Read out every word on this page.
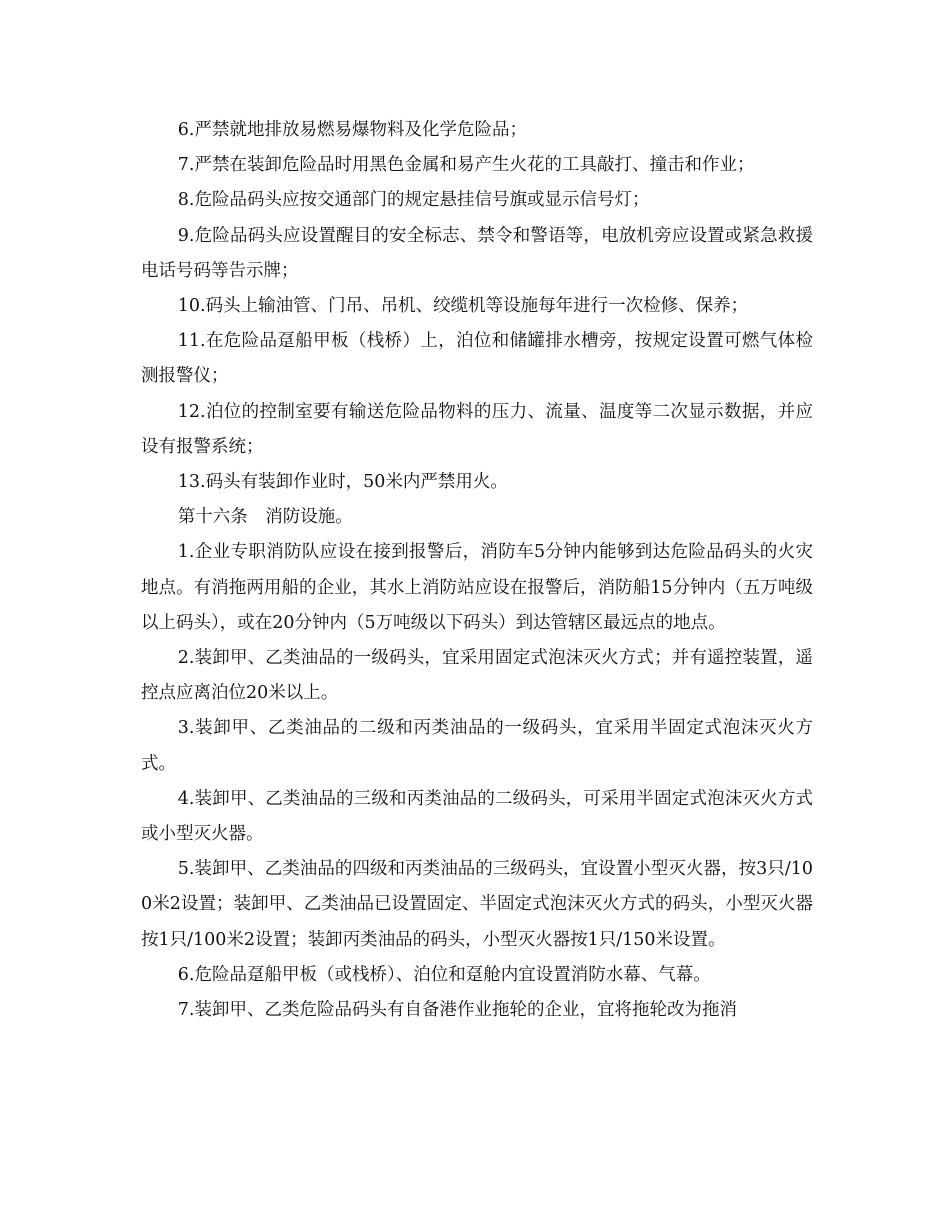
6.严禁就地排放易燃易爆物料及化学危险品；

7.严禁在装卸危险品时用黑色金属和易产生火花的工具敲打、撞击和作业；

8.危险品码头应按交通部门的规定悬挂信号旗或显示信号灯；

9.危险品码头应设置醒目的安全标志、禁令和警语等，电放机旁应设置或紧急救援电话号码等告示牌；

10.码头上输油管、门吊、吊机、绞缆机等设施每年进行一次检修、保养；

11.在危险品趸船甲板（栈桥）上，泊位和储罐排水槽旁，按规定设置可燃气体检测报警仪；

12.泊位的控制室要有输送危险品物料的压力、流量、温度等二次显示数据，并应设有报警系统；

13.码头有装卸作业时，50米内严禁用火。

第十六条　消防设施。

1.企业专职消防队应设在接到报警后，消防车5分钟内能够到达危险品码头的火灾地点。有消拖两用船的企业，其水上消防站应设在报警后，消防船15分钟内（五万吨级以上码头），或在20分钟内（5万吨级以下码头）到达管辖区最远点的地点。

2.装卸甲、乙类油品的一级码头，宜采用固定式泡沫灭火方式；并有遥控装置，遥控点应离泊位20米以上。

3.装卸甲、乙类油品的二级和丙类油品的一级码头，宜采用半固定式泡沫灭火方式。

4.装卸甲、乙类油品的三级和丙类油品的二级码头，可采用半固定式泡沫灭火方式或小型灭火器。

5.装卸甲、乙类油品的四级和丙类油品的三级码头，宜设置小型灭火器，按3只/100米2设置；装卸甲、乙类油品已设置固定、半固定式泡沫灭火方式的码头，小型灭火器按1只/100米2设置；装卸丙类油品的码头，小型灭火器按1只/150米设置。

6.危险品趸船甲板（或栈桥）、泊位和趸舱内宜设置消防水幕、气幕。

7.装卸甲、乙类危险品码头有自备港作业拖轮的企业，宜将拖轮改为拖消
